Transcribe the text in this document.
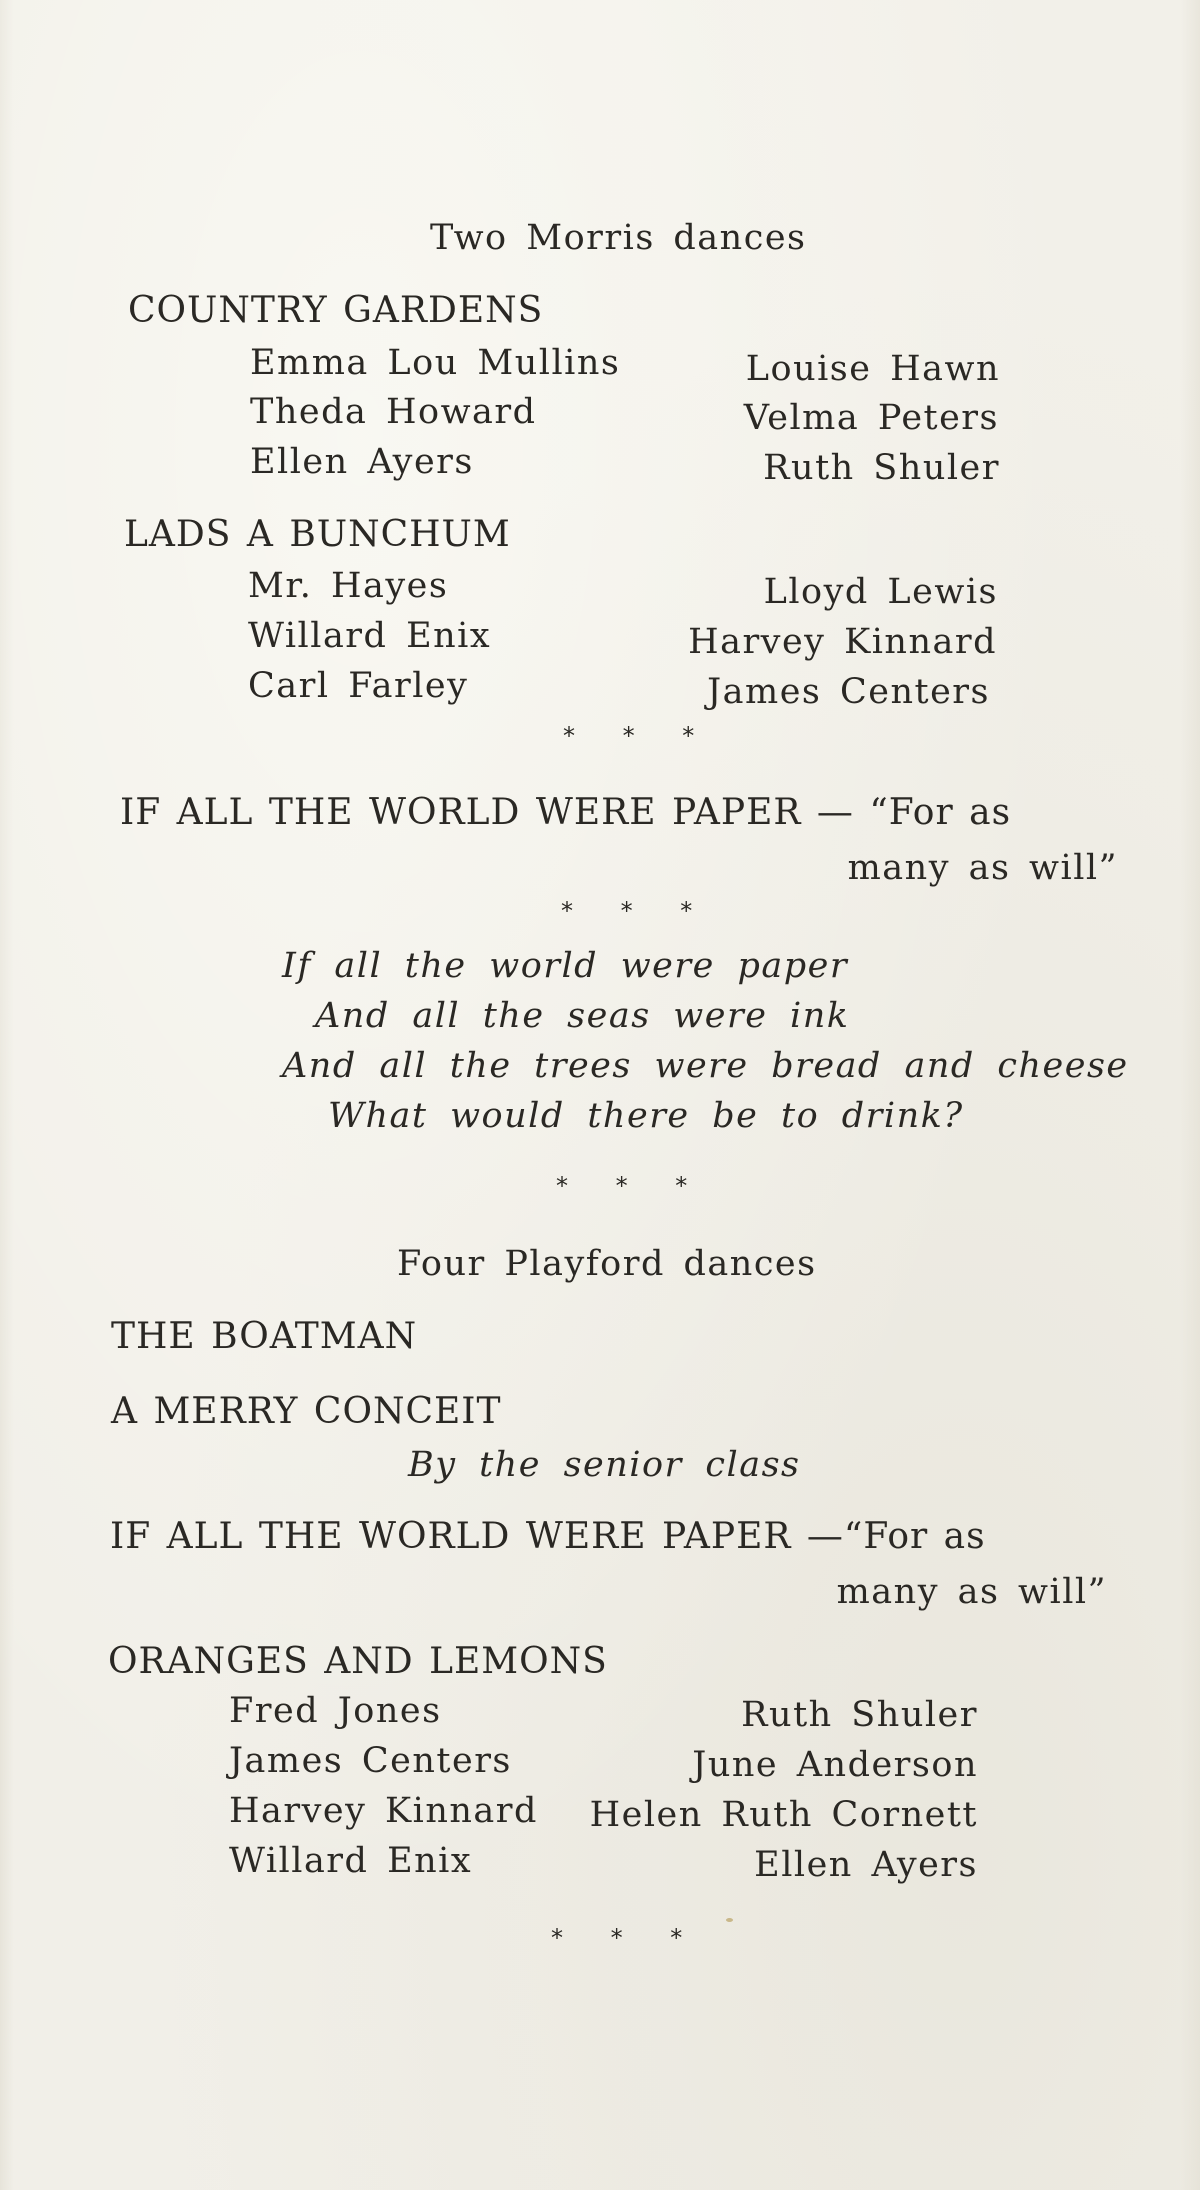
Two Morris dances
COUNTRY GARDENS
Emma Lou Mullins
Theda Howard
Ellen Ayers
Louise Hawn
Velma Peters
Ruth Shuler
LADS A BUNCHUM
Mr. Hayes
Willard Enix
Carl Farley
Lloyd Lewis
Harvey Kinnard
James Centers
* * *
IF ALL THE WORLD WERE PAPER — “For as
many as will”
* * *
If all the world were paper
And all the seas were ink
And all the trees were bread and cheese
What would there be to drink?
* * *
Four Playford dances
THE BOATMAN
A MERRY CONCEIT
By the senior class
IF ALL THE WORLD WERE PAPER —“For as
many as will”
ORANGES AND LEMONS
Fred Jones
James Centers
Harvey Kinnard
Willard Enix
Ruth Shuler
June Anderson
Helen Ruth Cornett
Ellen Ayers
* * *
